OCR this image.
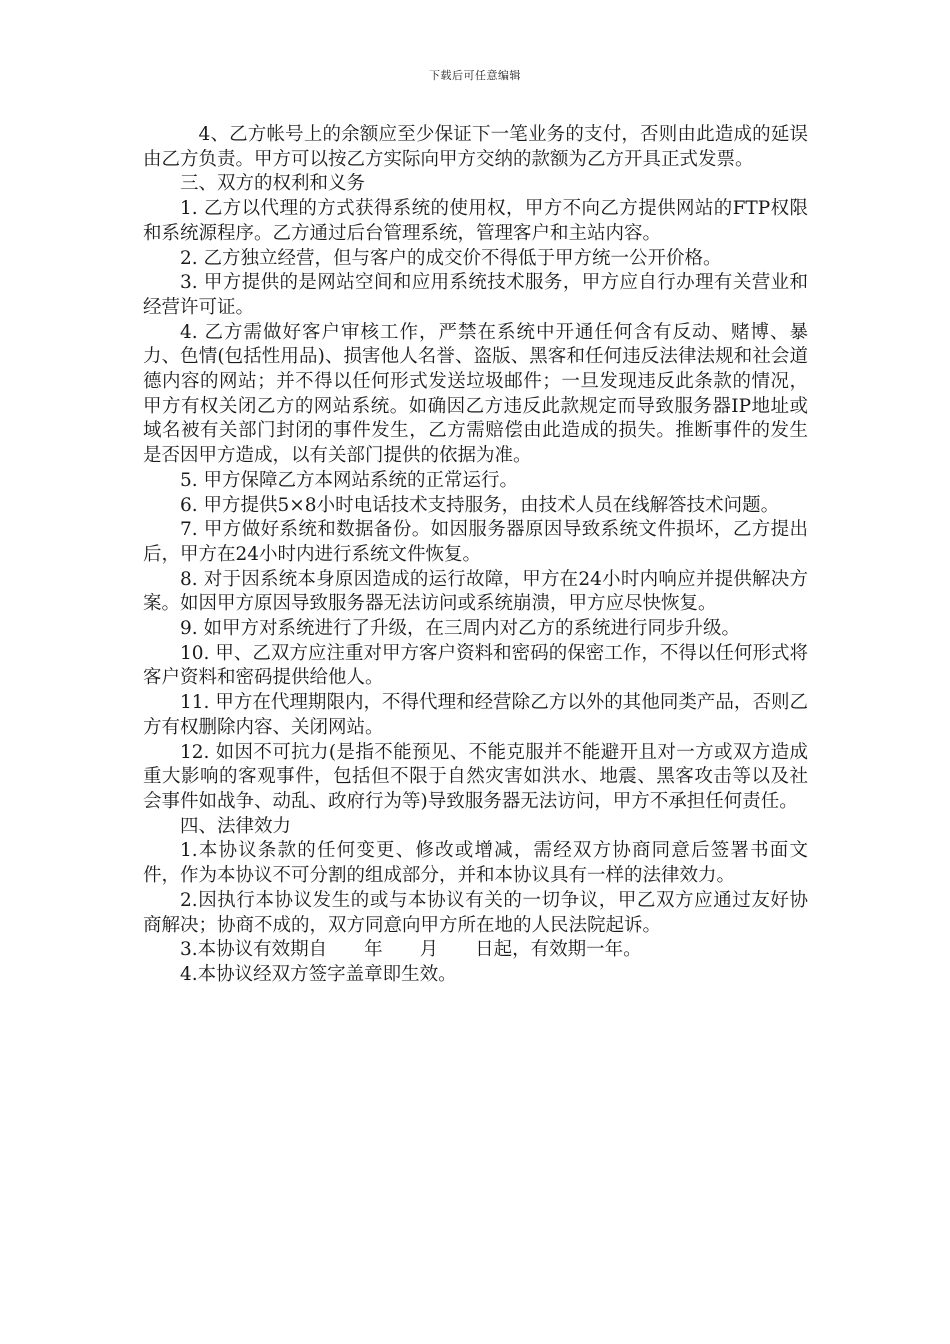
下载后可任意编辑

4、乙方帐号上的余额应至少保证下一笔业务的支付，否则由此造成的延误由乙方负责。甲方可以按乙方实际向甲方交纳的款额为乙方开具正式发票。

三、双方的权利和义务

1. 乙方以代理的方式获得系统的使用权，甲方不向乙方提供网站的FTP权限和系统源程序。乙方通过后台管理系统，管理客户和主站内容。

2. 乙方独立经营，但与客户的成交价不得低于甲方统一公开价格。

3. 甲方提供的是网站空间和应用系统技术服务，甲方应自行办理有关营业和经营许可证。

4. 乙方需做好客户审核工作，严禁在系统中开通任何含有反动、赌博、暴力、色情(包括性用品)、损害他人名誉、盗版、黑客和任何违反法律法规和社会道德内容的网站；并不得以任何形式发送垃圾邮件；一旦发现违反此条款的情况，甲方有权关闭乙方的网站系统。如确因乙方违反此款规定而导致服务器IP地址或域名被有关部门封闭的事件发生，乙方需赔偿由此造成的损失。推断事件的发生是否因甲方造成，以有关部门提供的依据为准。

5. 甲方保障乙方本网站系统的正常运行。

6. 甲方提供5×8小时电话技术支持服务，由技术人员在线解答技术问题。

7. 甲方做好系统和数据备份。如因服务器原因导致系统文件损坏，乙方提出后，甲方在24小时内进行系统文件恢复。

8. 对于因系统本身原因造成的运行故障，甲方在24小时内响应并提供解决方案。如因甲方原因导致服务器无法访问或系统崩溃，甲方应尽快恢复。

9. 如甲方对系统进行了升级，在三周内对乙方的系统进行同步升级。

10. 甲、乙双方应注重对甲方客户资料和密码的保密工作，不得以任何形式将客户资料和密码提供给他人。

11. 甲方在代理期限内，不得代理和经营除乙方以外的其他同类产品，否则乙方有权删除内容、关闭网站。

12. 如因不可抗力(是指不能预见、不能克服并不能避开且对一方或双方造成重大影响的客观事件，包括但不限于自然灾害如洪水、地震、黑客攻击等以及社会事件如战争、动乱、政府行为等)导致服务器无法访问，甲方不承担任何责任。

四、法律效力

1.本协议条款的任何变更、修改或增减，需经双方协商同意后签署书面文件，作为本协议不可分割的组成部分，并和本协议具有一样的法律效力。

2.因执行本协议发生的或与本协议有关的一切争议，甲乙双方应通过友好协商解决；协商不成的，双方同意向甲方所在地的人民法院起诉。

3.本协议有效期自　　年　　月　　日起，有效期一年。

4.本协议经双方签字盖章即生效。
